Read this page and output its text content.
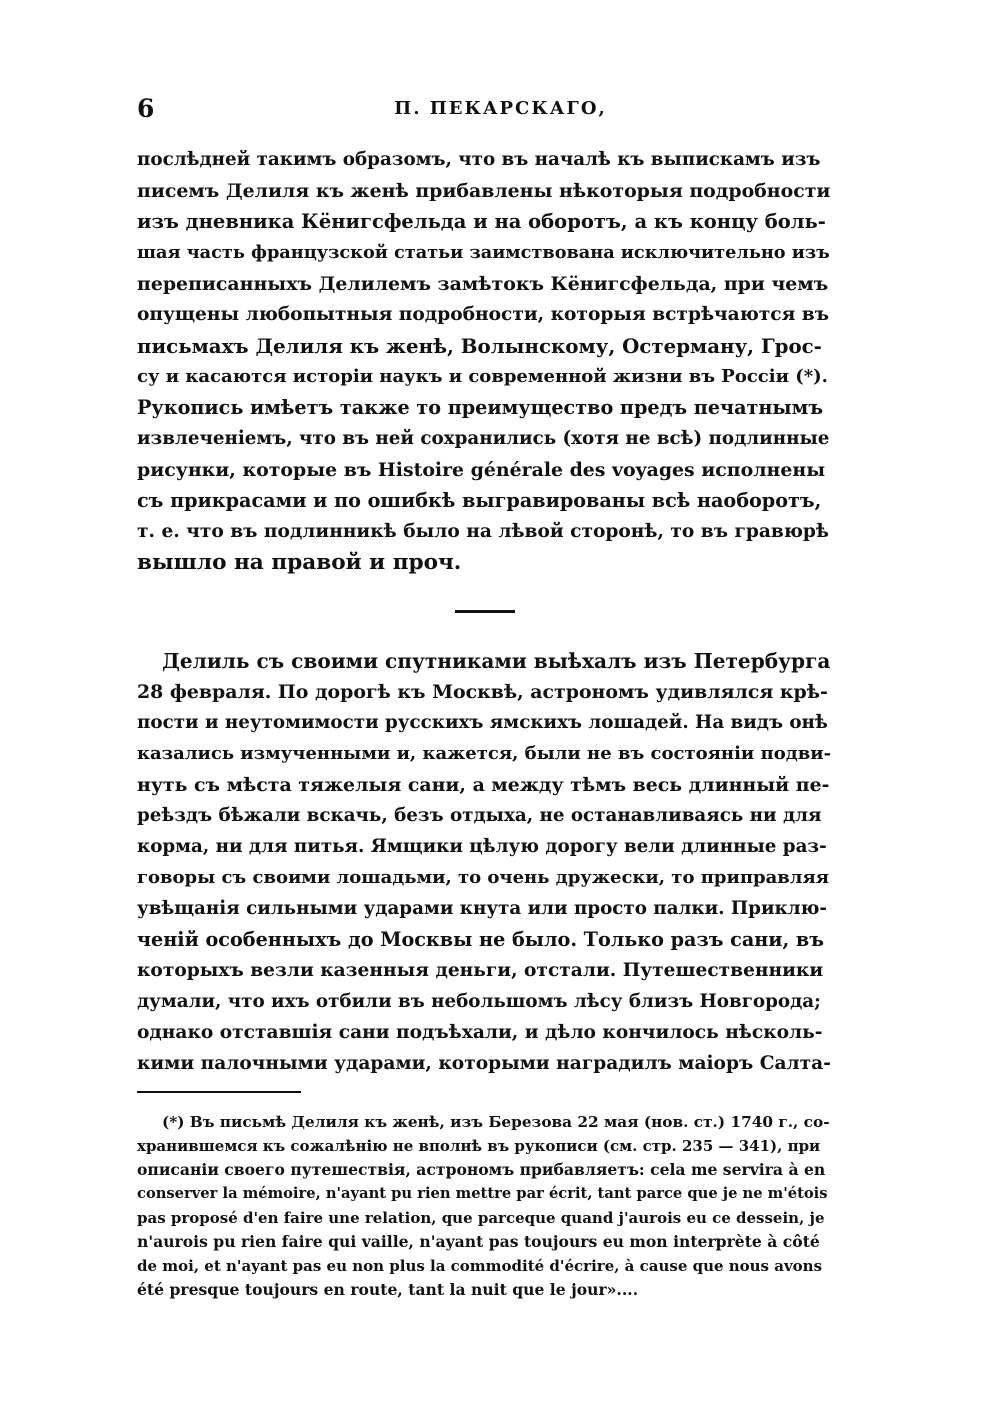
6	П. ПЕКАРСКАГО,
послѣдней такимъ образомъ, что въ началѣ къ выпискамъ изъ
писемъ Делиля къ женѣ прибавлены нѣкоторыя подробности
изъ дневника Кёнигсфельда и на оборотъ, а къ концу боль-
шая часть французской статьи заимствована исключительно изъ
переписанныхъ Делилемъ замѣтокъ Кёнигсфельда, при чемъ
опущены любопытныя подробности, которыя встрѣчаются въ
письмахъ Делиля къ женѣ, Волынскому, Остерману, Грос-
су и касаются исторіи наукъ и современной жизни въ Россіи (*).
Рукопись имѣетъ также то преимущество предъ печатнымъ
извлеченіемъ, что въ ней сохранились (хотя не всѣ) подлинные
рисунки, которые въ Histoire générale des voyages исполнены
съ прикрасами и по ошибкѣ выгравированы всѣ наоборотъ,
т. е. что въ подлинникѣ было на лѣвой сторонѣ, то въ гравюрѣ
вышло на правой и проч.
Делиль съ своими спутниками выѣхалъ изъ Петербурга
28 февраля. По дорогѣ къ Москвѣ, астрономъ удивлялся крѣ-
пости и неутомимости русскихъ ямскихъ лошадей. На видъ онѣ
казались измученными и, кажется, были не въ состояніи подви-
нуть съ мѣста тяжелыя сани, а между тѣмъ весь длинный пе-
реѣздъ бѣжали вскачь, безъ отдыха, не останавливаясь ни для
корма, ни для питья. Ямщики цѣлую дорогу вели длинные раз-
говоры съ своими лошадьми, то очень дружески, то приправляя
увѣщанія сильными ударами кнута или просто палки. Приклю-
ченій особенныхъ до Москвы не было. Только разъ сани, въ
которыхъ везли казенныя деньги, отстали. Путешественники
думали, что ихъ отбили въ небольшомъ лѣсу близъ Новгорода;
однако отставшія сани подъѣхали, и дѣло кончилось нѣсколь-
кими палочными ударами, которыми наградилъ маіоръ Салта-
(*) Въ письмѣ Делиля къ женѣ, изъ Березова 22 мая (нов. ст.) 1740 г., со-
хранившемся къ сожалѣнію не вполнѣ въ рукописи (см. стр. 235 — 341), при
описаніи своего путешествія, астрономъ прибавляетъ: cela me servira à en
conserver la mémoire, n'ayant pu rien mettre par écrit, tant parce que je ne m'étois
pas proposé d'en faire une relation, que parceque quand j'aurois eu ce dessein, je
n'aurois pu rien faire qui vaille, n'ayant pas toujours eu mon interprète à côté
de moi, et n'ayant pas eu non plus la commodité d'écrire, à cause que nous avons
été presque toujours en route, tant la nuit que le jour»....
